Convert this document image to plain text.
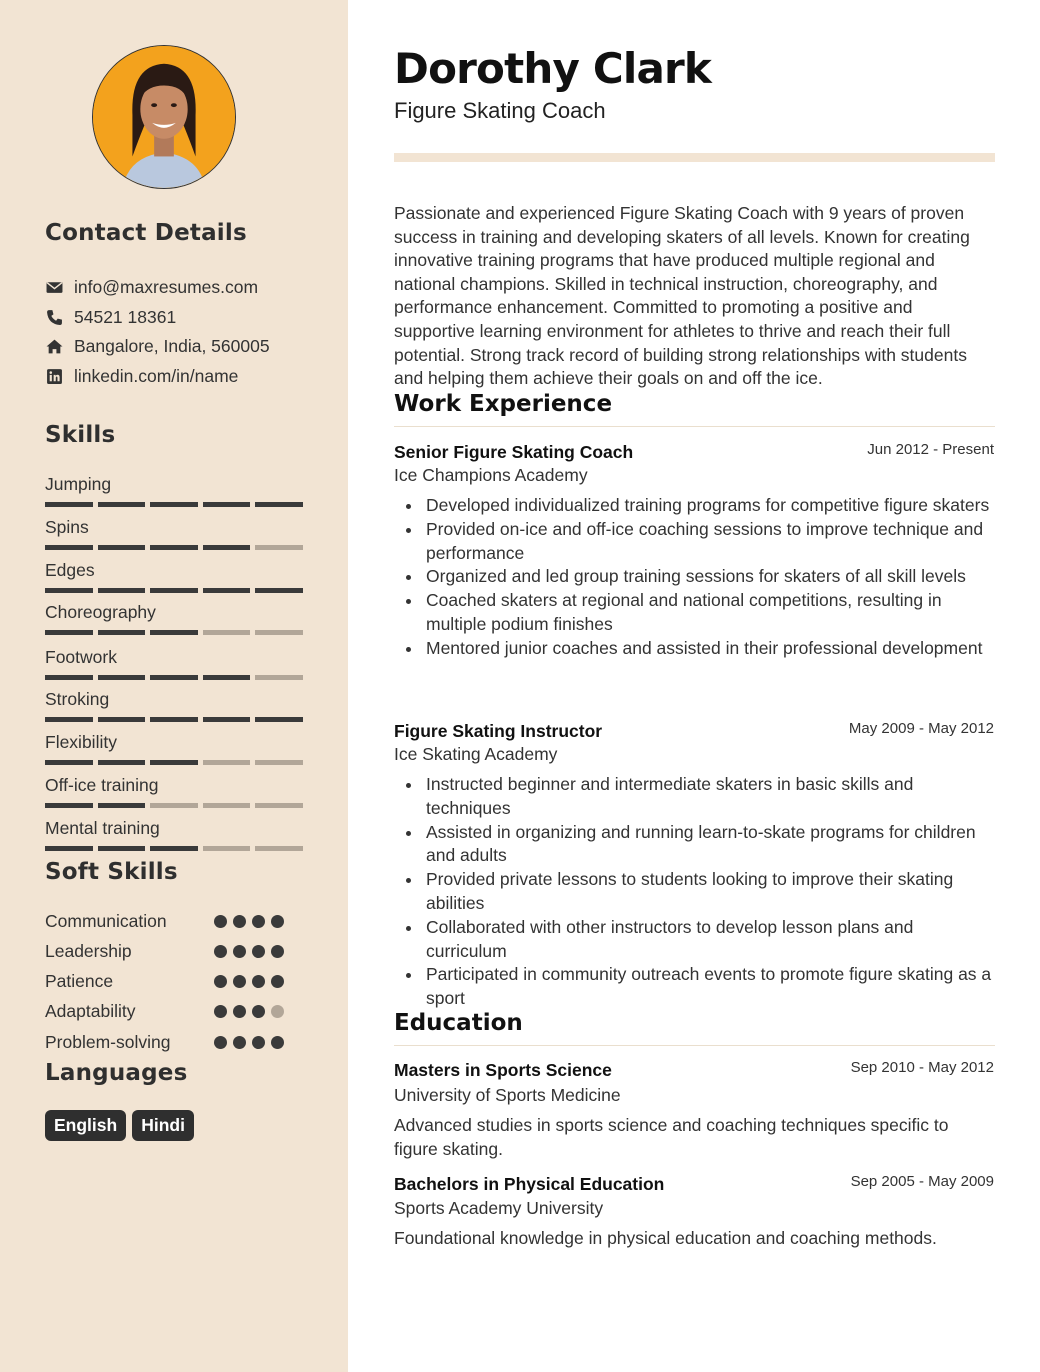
Contact Details
info@maxresumes.com
54521 18361
Bangalore, India, 560005
linkedin.com/in/name
Skills
Jumping
Spins
Edges
Choreography
Footwork
Stroking
Flexibility
Off-ice training
Mental training
Soft Skills
Communication
Leadership
Patience
Adaptability
Problem-solving
Languages
English	Hindi
Dorothy Clark
Figure Skating Coach

Passionate and experienced Figure Skating Coach with 9 years of proven success in training and developing skaters of all levels. Known for creating innovative training programs that have produced multiple regional and national champions. Skilled in technical instruction, choreography, and performance enhancement. Committed to promoting a positive and supportive learning environment for athletes to thrive and reach their full potential. Strong track record of building strong relationships with students and helping them achieve their goals on and off the ice.

Work Experience
Senior Figure Skating Coach	Jun 2012 - Present
Ice Champions Academy
Developed individualized training programs for competitive figure skaters
Provided on-ice and off-ice coaching sessions to improve technique and performance
Organized and led group training sessions for skaters of all skill levels
Coached skaters at regional and national competitions, resulting in multiple podium finishes
Mentored junior coaches and assisted in their professional development
Figure Skating Instructor	May 2009 - May 2012
Ice Skating Academy
Instructed beginner and intermediate skaters in basic skills and techniques
Assisted in organizing and running learn-to-skate programs for children and adults
Provided private lessons to students looking to improve their skating abilities
Collaborated with other instructors to develop lesson plans and curriculum
Participated in community outreach events to promote figure skating as a sport
Education
Masters in Sports Science	Sep 2010 - May 2012
University of Sports Medicine

Advanced studies in sports science and coaching techniques specific to figure skating.

Bachelors in Physical Education	Sep 2005 - May 2009
Sports Academy University

Foundational knowledge in physical education and coaching methods.
